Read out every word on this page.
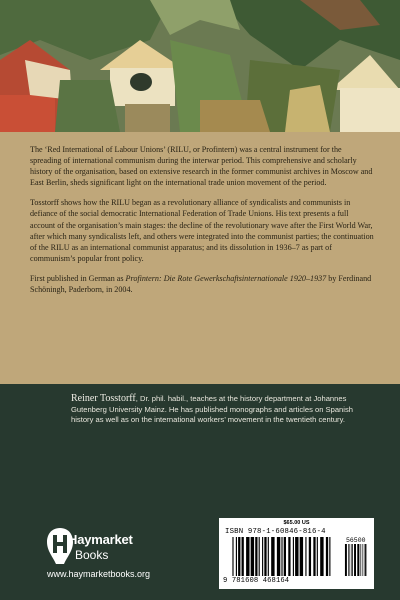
The ‘Red International of Labour Unions’ (RILU, or Profintern) was a central instrument for the spreading of international communism during the interwar period. This comprehensive and scholarly history of the organisation, based on extensive research in the former communist archives in Moscow and East Berlin, sheds significant light on the international trade union movement of the period.

Tosstorff shows how the RILU began as a revolutionary alliance of syndicalists and communists in defiance of the social democratic International Federation of Trade Unions. His text presents a full account of the organisation’s main stages: the decline of the revolutionary wave after the First World War, after which many syndicalists left, and others were integrated into the communist parties; the continuation of the RILU as an international communist apparatus; and its dissolution in 1936–7 as part of communism’s popular front policy.

First published in German as Profintern: Die Rote Gewerkschaftsinternationale 1920–1937 by Ferdinand Schöningh, Paderborn, in 2004.

Reiner Tosstorff, Dr. phil. habil., teaches at the history department at Johannes Gutenberg University Mainz. He has published monographs and articles on Spanish history as well as on the international workers’ movement in the twentieth century.
Haymarket
Books
www.haymarketbooks.org
$65.00 US
ISBN 978-1-60846-816-4
56500
9 781608 468164
